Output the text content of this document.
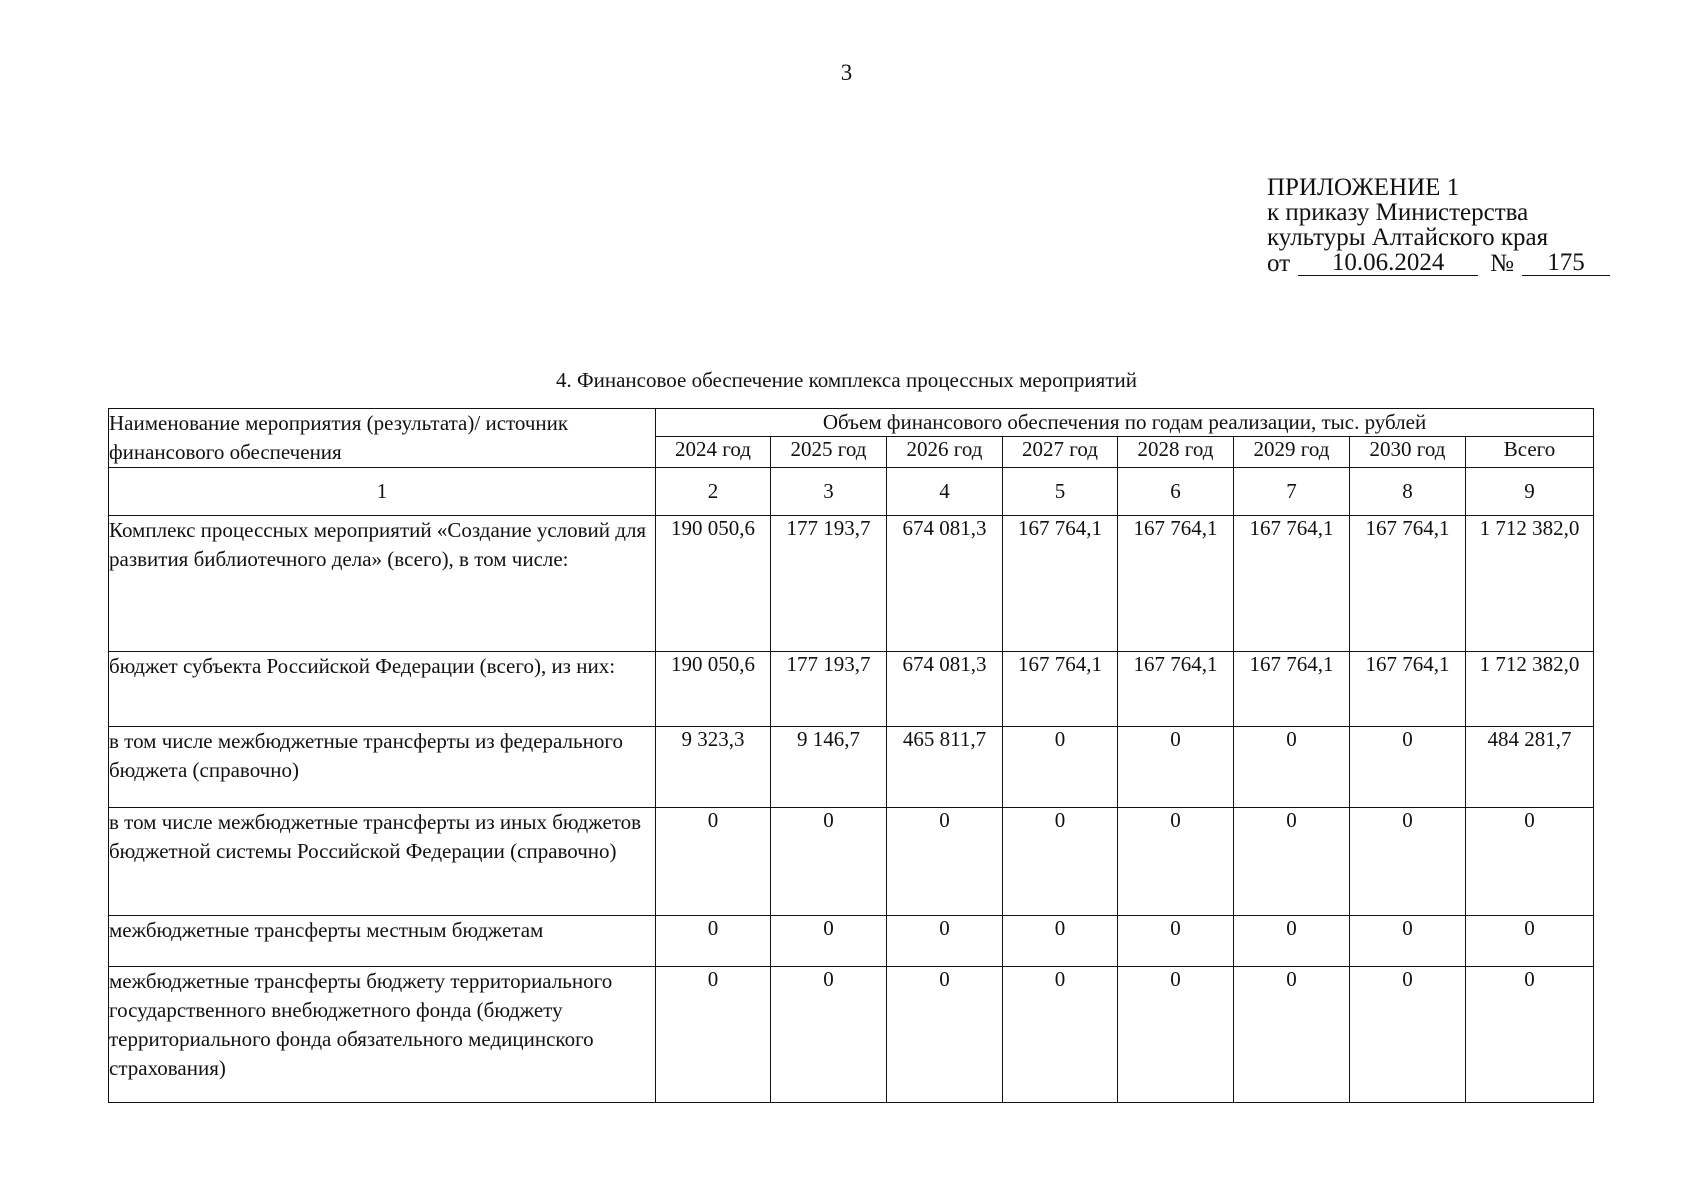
3
ПРИЛОЖЕНИЕ 1
к приказу Министерства
культуры Алтайского края
от	10.06.2024	№	175
4. Финансовое обеспечение комплекса процессных мероприятий
Наименование мероприятия (результата)/ источник финансового обеспечения	Объем финансового обеспечения по годам реализации, тыс. рублей							
	2024 год	2025 год	2026 год	2027 год	2028 год	2029 год	2030 год	Всего
1	2	3	4	5	6	7	8	9
Комплекс процессных мероприятий «Создание условий для развития библиотечного дела» (всего), в том числе:	190 050,6	177 193,7	674 081,3	167 764,1	167 764,1	167 764,1	167 764,1	1 712 382,0
бюджет субъекта Российской Федерации (всего), из них:	190 050,6	177 193,7	674 081,3	167 764,1	167 764,1	167 764,1	167 764,1	1 712 382,0
в том числе межбюджетные трансферты из федерального бюджета (справочно)	9 323,3	9 146,7	465 811,7	0	0	0	0	484 281,7
в том числе межбюджетные трансферты из иных бюджетов бюджетной системы Российской Федерации (справочно)	0	0	0	0	0	0	0	0
межбюджетные трансферты местным бюджетам	0	0	0	0	0	0	0	0
межбюджетные трансферты бюджету территориального государственного внебюджетного фонда (бюджету территориального фонда обязательного медицинского страхования)	0	0	0	0	0	0	0	0
